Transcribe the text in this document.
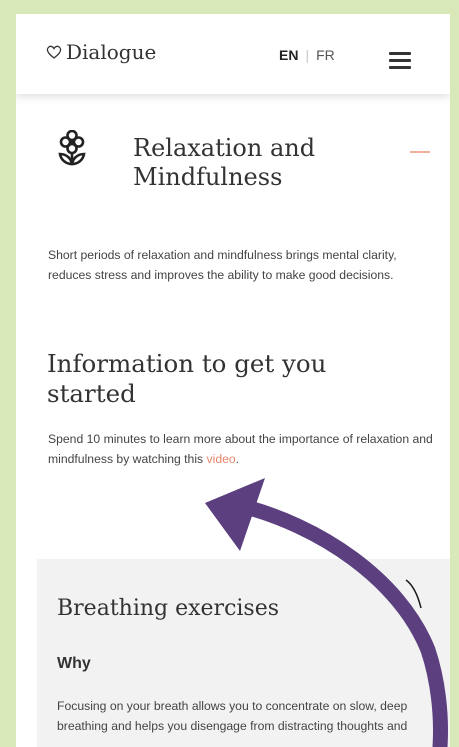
Dialogue	EN | FR
Relaxation and Mindfulness
Short periods of relaxation and mindfulness brings mental clarity, reduces stress and improves the ability to make good decisions.
Information to get you started
Spend 10 minutes to learn more about the importance of relaxation and mindfulness by watching this video.
Breathing exercises
Why
Focusing on your breath allows you to concentrate on slow, deep breathing and helps you disengage from distracting thoughts and
